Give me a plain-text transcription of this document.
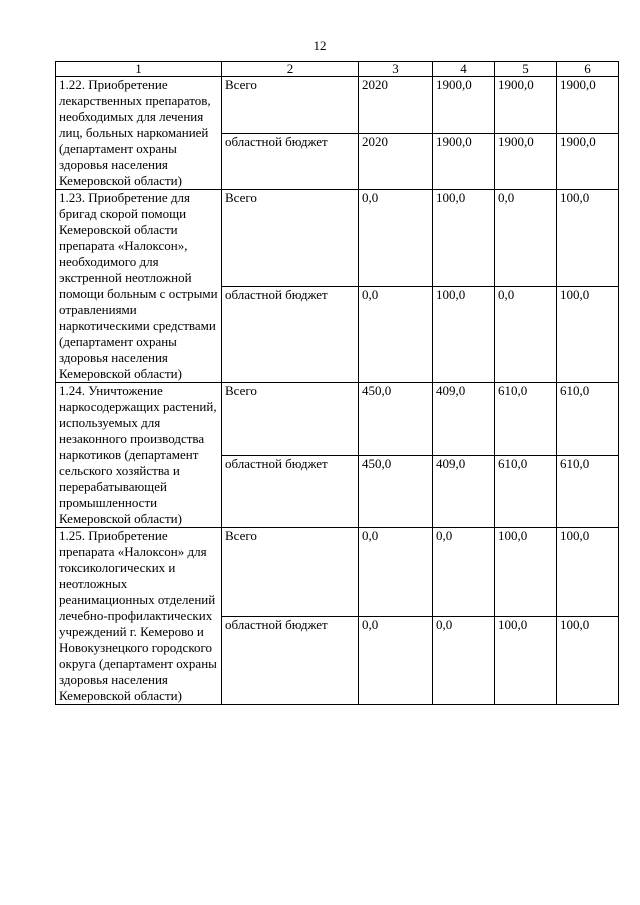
12
1	2	3	4	5	6
1.22. Приобретение лекарственных препаратов, необходимых для лечения лиц, больных наркоманией (департамент охраны здоровья населения Кемеровской области)	Всего	2020	1900,0	1900,0	1900,0
	областной бюджет	2020	1900,0	1900,0	1900,0
1.23. Приобретение для бригад скорой помощи Кемеровской области препарата «Налоксон», необходимого для экстренной неотложной помощи больным с острыми отравлениями наркотическими средствами (департамент охраны здоровья населения Кемеровской области)	Всего	0,0	100,0	0,0	100,0
	областной бюджет	0,0	100,0	0,0	100,0
1.24. Уничтожение наркосодержащих растений, используемых для незаконного производства наркотиков (департамент сельского хозяйства и перерабатывающей промышленности Кемеровской области)	Всего	450,0	409,0	610,0	610,0
	областной бюджет	450,0	409,0	610,0	610,0
1.25. Приобретение препарата «Налоксон» для токсикологических и неотложных реанимационных отделений лечебно-профилактических учреждений г. Кемерово и Новокузнецкого городского округа (департамент охраны здоровья населения Кемеровской области)	Всего	0,0	0,0	100,0	100,0
	областной бюджет	0,0	0,0	100,0	100,0
